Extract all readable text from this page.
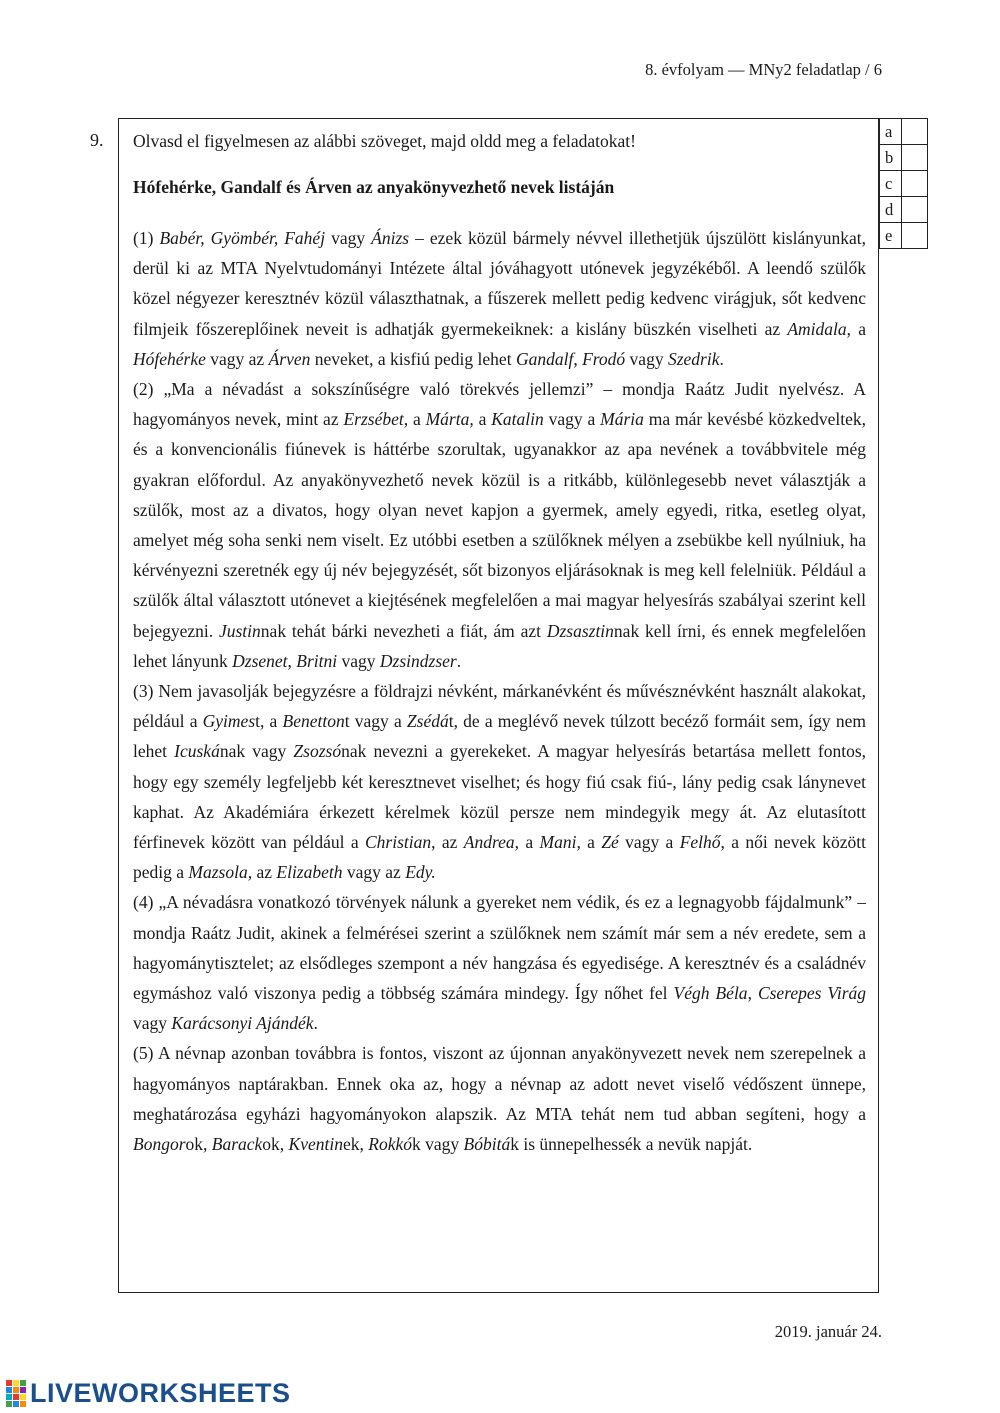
8. évfolyam — MNy2 feladatlap / 6
9. Olvasd el figyelmesen az alábbi szöveget, majd oldd meg a feladatokat!
Hófehérke, Gandalf és Árven az anyakönyvezhető nevek listáján

(1) Babér, Gyömbér, Fahéj vagy Ánizs – ezek közül bármely névvel illethetjük újszülött kislányunkat, derül ki az MTA Nyelvtudományi Intézete által jóváhagyott utónevek jegyzékéből. A leendő szülők közel négyezer keresztnév közül választhatnak, a fűszerek mellett pedig kedvenc virágjuk, sőt kedvenc filmjeik főszereplőinek neveit is adhatják gyermekeiknek: a kislány büszkén viselheti az Amidala, a Hófehérke vagy az Árven neveket, a kisfiú pedig lehet Gandalf, Frodó vagy Szedrik.

(2) „Ma a névadást a sokszínűségre való törekvés jellemzi” – mondja Raátz Judit nyelvész. A hagyományos nevek, mint az Erzsébet, a Márta, a Katalin vagy a Mária ma már kevésbé közkedveltek, és a konvencionális fiúnevek is háttérbe szorultak, ugyanakkor az apa nevének a továbbvitele még gyakran előfordul. Az anyakönyvezhető nevek közül is a ritkább, különlegesebb nevet választják a szülők, most az a divatos, hogy olyan nevet kapjon a gyermek, amely egyedi, ritka, esetleg olyat, amelyet még soha senki nem viselt. Ez utóbbi esetben a szülőknek mélyen a zsebükbe kell nyúlniuk, ha kérvényezni szeretnék egy új név bejegyzését, sőt bizonyos eljárásoknak is meg kell felelniük. Például a szülők által választott utónevet a kiejtésének megfelelően a mai magyar helyesírás szabályai szerint kell bejegyezni. Justinnak tehát bárki nevezheti a fiát, ám azt Dzsasztinnak kell írni, és ennek megfelelően lehet lányunk Dzsenet, Britni vagy Dzsindzser.

(3) Nem javasolják bejegyzésre a földrajzi névként, márkanévként és művésznévként használt alakokat, például a Gyimest, a Benettont vagy a Zsédát, de a meglévő nevek túlzott becéző formáit sem, így nem lehet Icuskának vagy Zsozsónak nevezni a gyerekeket. A magyar helyesírás betartása mellett fontos, hogy egy személy legfeljebb két keresztnevet viselhet; és hogy fiú csak fiú-, lány pedig csak lánynevet kaphat. Az Akadémiára érkezett kérelmek közül persze nem mindegyik megy át. Az elutasított férfinevek között van például a Christian, az Andrea, a Mani, a Zé vagy a Felhő, a női nevek között pedig a Mazsola, az Elizabeth vagy az Edy.

(4) „A névadásra vonatkozó törvények nálunk a gyereket nem védik, és ez a legnagyobb fájdalmunk” – mondja Raátz Judit, akinek a felmérései szerint a szülőknek nem számít már sem a név eredete, sem a hagyománytisztelet; az elsődleges szempont a név hangzása és egyedisége. A keresztnév és a családnév egymáshoz való viszonya pedig a többség számára mindegy. Így nőhet fel Végh Béla, Cserepes Virág vagy Karácsonyi Ajándék.

(5) A névnap azonban továbbra is fontos, viszont az újonnan anyakönyvezett nevek nem szerepelnek a hagyományos naptárakban. Ennek oka az, hogy a névnap az adott nevet viselő védőszent ünnepe, meghatározása egyházi hagyományokon alapszik. Az MTA tehát nem tud abban segíteni, hogy a Bongorok, Barackok, Kventinek, Rokkók vagy Bóbiták is ünnepelhessék a nevük napját.

a	
b	
c	
d	
e	
2019. január 24.
LIVEWORKSHEETS
